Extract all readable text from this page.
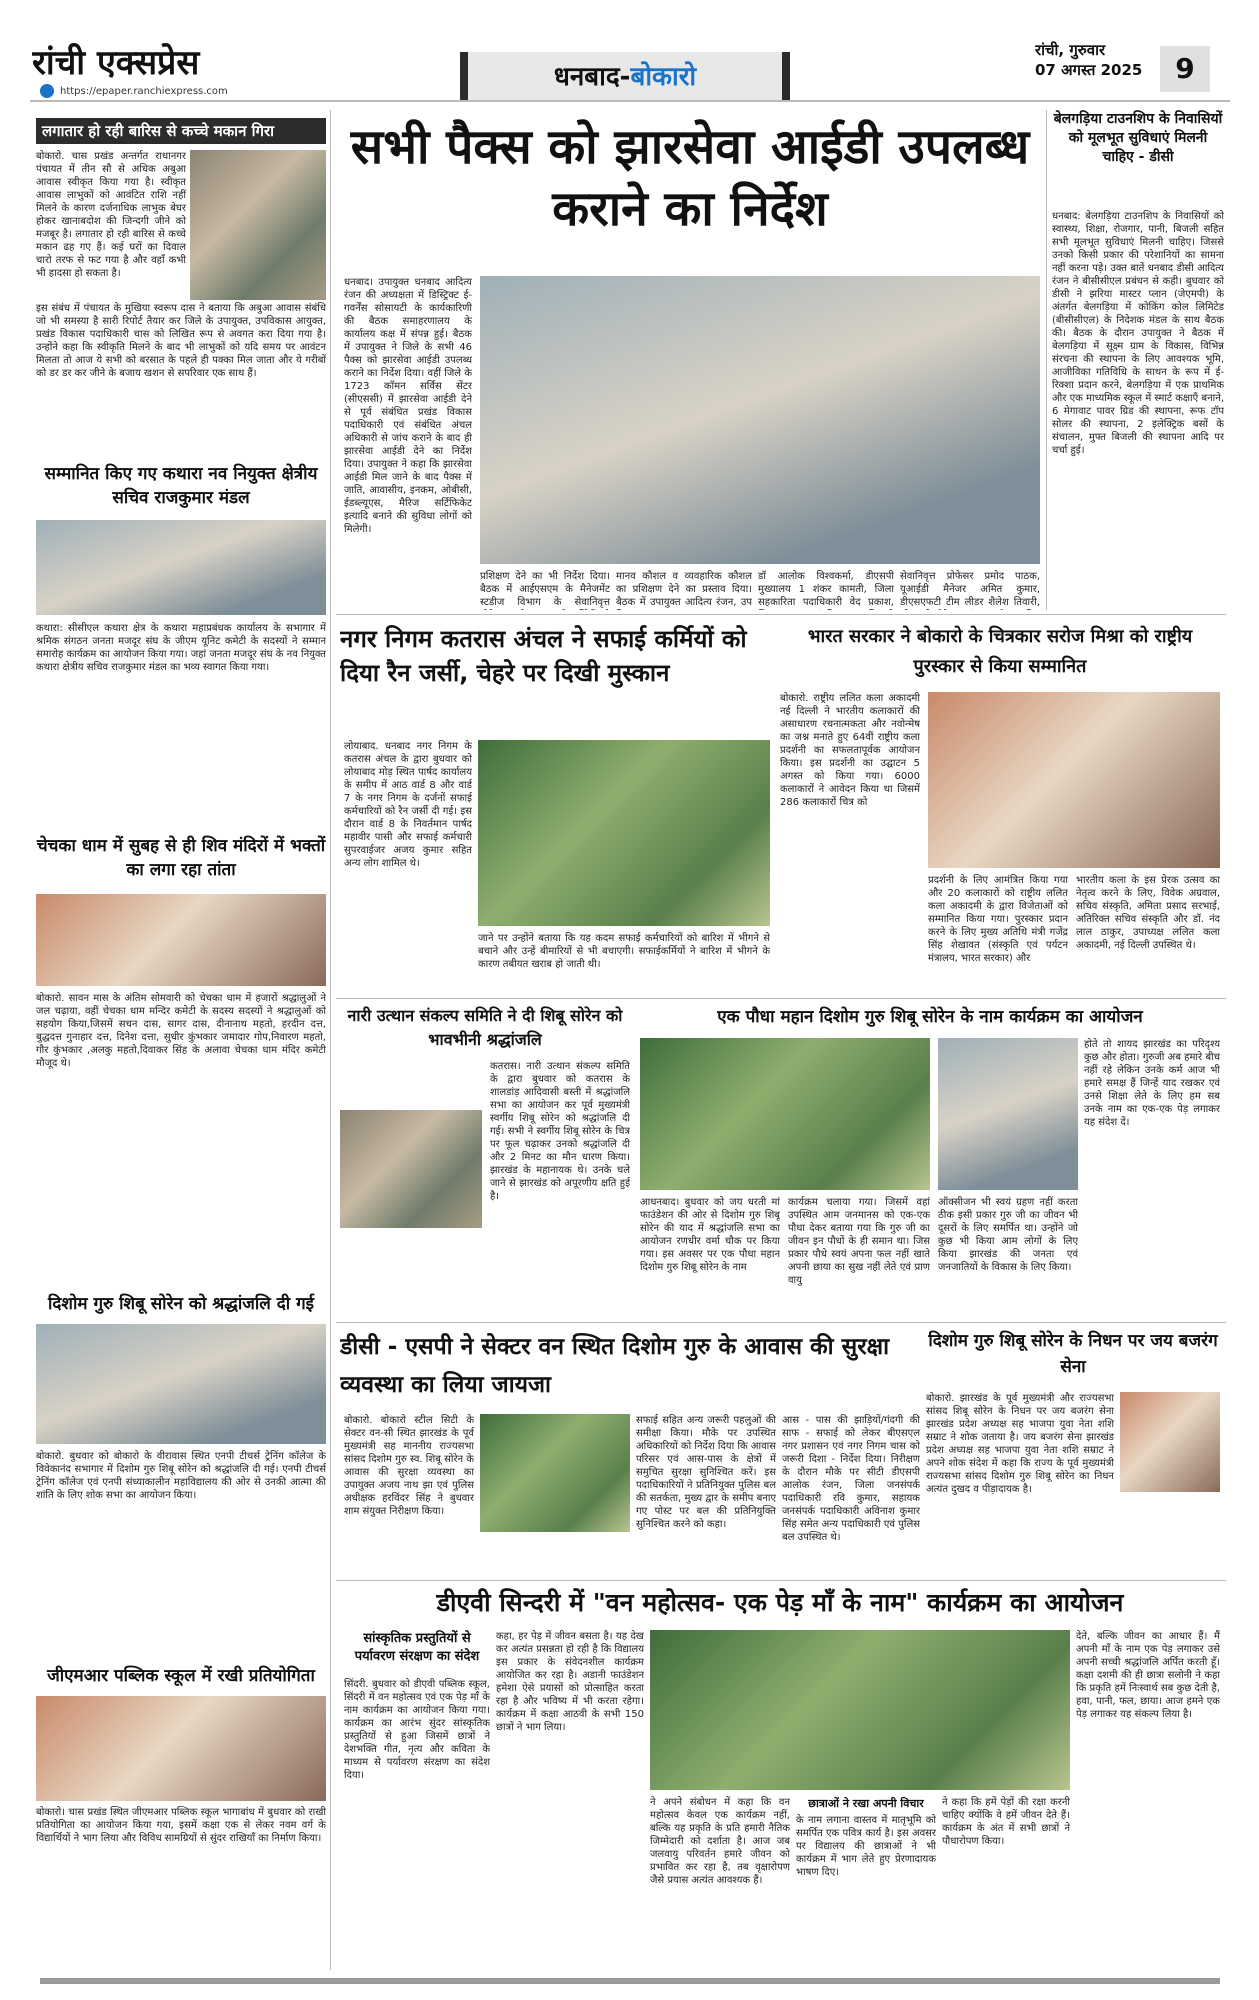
रांची एक्सप्रेस
https://epaper.ranchiexpress.com	धनबाद-बोकारो
रांची, गुरुवार
07 अगस्त 2025	9
लगातार हो रही बारिस से कच्चे मकान गिरा
बोकारो. चास प्रखंड अन्तर्गत राधानगर पंचायत में तीन सौ से अधिक अबुआ आवास स्वीकृत किया गया है। स्वीकृत आवास लाभुकों को आवंटित राशि नहीं मिलने के कारण दर्जनाधिक लाभुक बेघर होकर खानाबदोश की जिन्दगी जीने को मजबूर है। लगातार हो रही बारिस से कच्चे मकान ढह गए हैं। कई घरों का दिवाल चारो तरफ से फट गया है और वहाँ कभी भी हादसा हो सकता है।
इस संबंध में पंचायत के मुखिया स्वरूप दास ने बताया कि अबुआ आवास संबंधि जो भी समस्या है सारी रिपोर्ट तैयार कर जिले के उपायुक्त, उपविकास आयुक्त, प्रखंड विकास पदाधिकारी चास को लिखित रूप से अवगत करा दिया गया है। उन्होंने कहा कि स्वीकृति मिलने के बाद भी लाभुकों को यदि समय पर आवंटन मिलता तो आज ये सभी को बरसात के पहले ही पक्का मिल जाता और ये गरीबों को डर डर कर जीने के बजाय खशन से सपरिवार एक साथ हैं।
सम्मानित किए गए कथारा नव नियुक्त क्षेत्रीय सचिव राजकुमार मंडल
कथारा: सीसीएल कथारा क्षेत्र के कथारा महाप्रबंधक कार्यालय के सभागार में श्रमिक संगठन जनता मजदूर संघ के जीएम यूनिट कमेटी के सदस्यों ने सम्मान समारोह कार्यक्रम का आयोजन किया गया। जहां जनता मजदूर संघ के नव नियुक्त कथारा क्षेत्रीय सचिव राजकुमार मंडल का भव्य स्वागत किया गया।
चेचका धाम में सुबह से ही शिव मंदिरों में भक्तों का लगा रहा तांता
बोकारो. सावन मास के अंतिम सोमवारी को चेचका धाम में हजारों श्रद्धालुओं ने जल चढ़ाया, वहीं चेचका धाम मन्दिर कमेटी के सदस्य सदस्यों ने श्रद्धालुओं को सहयोग किया,जिसमें सचन दास, सागर दास, दीनानाथ महतो, हरदीन दत्त, बुद्धदत्त गुनाहार दत्त, दिनेश दत्ता, सुधीर कुंभकार जमादार गोप,निवारण महतो, गौर कुंभकार ,अलकु महतो,दिवाकर सिंह के अलावा चेचका धाम मंदिर कमेटी मौजूद थे।
दिशोम गुरु शिबू सोरेन को श्रद्धांजलि दी गई
बोकारो. बुधवार को बोकारो के वीरावास स्थित एनपी टीचर्स ट्रेनिंग कॉलेज के विवेकानंद सभागार में दिशोम गुरु शिबू सोरेन को श्रद्धांजलि दी गई। एनपी टीचर्स ट्रेनिंग कॉलेज एवं एनपी संध्याकालीन महाविद्यालय की ओर से उनकी आत्मा की शांति के लिए शोक सभा का आयोजन किया।
जीएमआर पब्लिक स्कूल में रखी प्रतियोगिता
बोकारो। चास प्रखंड स्थित जीएमआर पब्लिक स्कूल भागाबांध में बुधवार को राखी प्रतियोगिता का आयोजन किया गया, इसमें कक्षा एक से लेकर नवम वर्ग के विद्यार्थियों ने भाग लिया और विविध सामग्रियों से सुंदर राखियाँ का निर्माण किया।
सभी पैक्स को झारसेवा आईडी उपलब्ध कराने का निर्देश
धनबाद। उपायुक्त धनबाद आदित्य रंजन की अध्यक्षता में डिस्ट्रिक्ट ई-गवर्नेंस सोसायटी के कार्यकारिणी की बैठक समाहरणालय के कार्यालय कक्ष में संपन्न हुई। बैठक में उपायुक्त ने जिले के सभी 46 पैक्स को झारसेवा आईडी उपलब्ध कराने का निर्देश दिया। वहीं जिले के 1723 कॉमन सर्विस सेंटर (सीएससी) में झारसेवा आईडी देने से पूर्व संबंधित प्रखंड विकास पदाधिकारी एवं संबंधित अंचल अधिकारी से जांच कराने के बाद ही झारसेवा आईडी देने का निर्देश दिया। उपायुक्त ने कहा कि झारसेवा आईडी मिल जाने के बाद पैक्स में जाति, आवासीय, इनकम, ओबीसी, ईडब्ल्यूएस, मैरिज सर्टिफिकेट इत्यादि बनाने की सुविधा लोगों को मिलेगी।
प्रशिक्षण देने का भी निर्देश दिया। बैठक में आईएसएम के मैनेजमेंट स्टडीज विभाग के सेवानिवृत्त
मानव कौशल व व्यवहारिक कौशल का प्रशिक्षण देने का प्रस्ताव दिया। बैठक में उपायुक्त आदित्य रंजन, उप
डॉ आलोक विश्वकर्मा, डीएसपी मुख्यालय 1 शंकर कामती, जिला सहकारिता पदाधिकारी वेद प्रकाश,
सेवानिवृत्त प्रोफेसर प्रमोद पाठक, यूआईडी मैनेजर अमित कुमार, डीएसएफटी टीम लीडर शैलेश तिवारी,
बेलगड़िया टाउनशिप के निवासियों को मूलभूत सुविधाएं मिलनी चाहिए - डीसी
धनबाद: बेलगड़िया टाउनशिप के निवासियों को स्वास्थ्य, शिक्षा, रोजगार, पानी, बिजली सहित सभी मूलभूत सुविधाएं मिलनी चाहिए। जिससे उनको किसी प्रकार की परेशानियों का सामना नहीं करना पड़े। उक्त बातें धनबाद डीसी आदित्य रंजन ने बीसीसीएल प्रबंधन से कही। बुधवार को डीसी ने झरिया मास्टर प्लान (जेएमपी) के अंतर्गत बेलगड़िया में कोकिंग कोल लिमिटेड (बीसीसीएल) के निदेशक मंडल के साथ बैठक की। बैठक के दौरान उपायुक्त ने बैठक में बेलगड़िया में सूक्ष्म ग्राम के विकास, विभिन्न संरचना की स्थापना के लिए आवश्यक भूमि, आजीविका गतिविधि के साथन के रूप में ई-रिक्शा प्रदान करने, बेलगड़िया में एक प्राथमिक और एक माध्यमिक स्कूल में स्मार्ट कक्षाएँ बनाने, 6 मेगावाट पावर ग्रिड की स्थापना, रूफ टॉप सोलर की स्थापना, 2 इलेक्ट्रिक बसों के संचालन, मुफ्त बिजली की स्थापना आदि पर चर्चा हुई।
नगर निगम कतरास अंचल ने सफाई कर्मियों को दिया रैन जर्सी, चेहरे पर दिखी मुस्कान
लोयाबाद. धनबाद नगर निगम के कतरास अंचल के द्वारा बुधवार को लोयाबाद मोड़ स्थित पार्षद कार्यालय के समीप में आठ वार्ड 8 और वार्ड 7 के नगर निगम के दर्जनों सफाई कर्मचारियों को रैन जर्सी दी गई। इस दौरान वार्ड 8 के निवर्तमान पार्षद महावीर पासी और सफाई कर्मचारी सुपरवाईजर अजय कुमार सहित अन्य लोग शामिल थे।
जाने पर उन्होंने बताया कि यह कदम सफाई कर्मचारियों को बारिश में भीगने से बचाने और उन्हें बीमारियों से भी बचाएगी। सफाईकर्मियों ने बारिश में भीगने के कारण तबीयत खराब हो जाती थी।
भारत सरकार ने बोकारो के चित्रकार सरोज मिश्रा को राष्ट्रीय पुरस्कार से किया सम्मानित
बोकारो. राष्ट्रीय ललित कला अकादमी नई दिल्ली ने भारतीय कलाकारों की असाधारण रचनात्मकता और नवोन्मेष का जश्न मनाते हुए 64वीं राष्ट्रीय कला प्रदर्शनी का सफलतापूर्वक आयोजन किया। इस प्रदर्शनी का उद्घाटन 5 अगस्त को किया गया। 6000 कलाकारों ने आवेदन किया था जिसमें 286 कलाकारों चित्र को
प्रदर्शनी के लिए आमंत्रित किया गया और 20 कलाकारों को राष्ट्रीय ललित कला अकादमी के द्वारा विजेताओं को सम्मानित किया गया। पुरस्कार प्रदान करने के लिए मुख्य अतिथि मंत्री गजेंद्र सिंह शेखावत (संस्कृति एवं पर्यटन मंत्रालय, भारत सरकार) और
भारतीय कला के इस प्रेरक उत्सव का नेतृत्व करने के लिए, विवेक अग्रवाल, सचिव संस्कृति, अमिता प्रसाद सरभाई, अतिरिक्त सचिव संस्कृति और डॉ. नंद लाल ठाकुर, उपाध्यक्ष ललित कला अकादमी, नई दिल्ली उपस्थित थे।
नारी उत्थान संकल्प समिति ने दी शिबू सोरेन को भावभीनी श्रद्धांजलि
कतरास। नारी उत्थान संकल्प समिति के द्वारा बुधवार को कतरास के शालडांड़ आदिवासी बस्ती में श्रद्धांजलि सभा का आयोजन कर पूर्व मुख्यमंत्री स्वर्गीय शिबू सोरेन को श्रद्धांजलि दी गई। सभी ने स्वर्गीय शिबू सोरेन के चित्र पर फूल चढ़ाकर उनको श्रद्धांजलि दी और 2 मिनट का मौन धारण किया। झारखंड के महानायक थे। उनके चले जाने से झारखंड को अपूरणीय क्षति हुई है।
एक पौधा महान दिशोम गुरु शिबू सोरेन के नाम कार्यक्रम का आयोजन
आधनबाद। बुधवार को जय धरती मां फाउंडेशन की ओर से दिशोम गुरु शिबू सोरेन की याद में श्रद्धांजलि सभा का आयोजन रणधीर वर्मा चौक पर किया गया। इस अवसर पर एक पौधा महान दिशोम गुरु शिबू सोरेन के नाम
कार्यक्रम चलाया गया। जिसमें वहां उपस्थित आम जनमानस को एक-एक पौधा देकर बताया गया कि गुरु जी का जीवन इन पौधों के ही समान था। जिस प्रकार पौधे स्वयं अपना फल नहीं खाते अपनी छाया का सुख नहीं लेते एवं प्राण वायु
ऑक्सीजन भी स्वयं ग्रहण नहीं करता ठीक इसी प्रकार गुरु जी का जीवन भी दूसरों के लिए समर्पित था। उन्होंने जो कुछ भी किया आम लोगों के लिए किया झारखंड की जनता एवं जनजातियों के विकास के लिए किया।
होते तो शायद झारखंड का परिदृश्य कुछ और होता। गुरुजी अब हमारे बीच नहीं रहे लेकिन उनके कर्म आज भी हमारे समक्ष हैं जिन्हें याद रखकर एवं उनसे शिक्षा लेते के लिए हम सब उनके नाम का एक-एक पेड़ लगाकर यह संदेश दें।
डीसी - एसपी ने सेक्टर वन स्थित दिशोम गुरु के आवास की सुरक्षा व्यवस्था का लिया जायजा
बोकारो. बोकारो स्टील सिटी के सेक्टर वन-सी स्थित झारखंड के पूर्व मुख्यमंत्री सह माननीय राज्यसभा सांसद दिशोम गुरु स्व. शिबू सोरेन के आवास की सुरक्षा व्यवस्था का उपायुक्त अजय नाथ झा एवं पुलिस अधीक्षक हरविंदर सिंह ने बुधवार शाम संयुक्त निरीक्षण किया।
सफाई सहित अन्य जरूरी पहलुओं की समीक्षा किया। मौके पर उपस्थित अधिकारियों को निर्देश दिया कि आवास परिसर एवं आस-पास के क्षेत्रों में समुचित सुरक्षा सुनिश्चित करें। इस पदाधिकारियों ने प्रतिनियुक्त पुलिस बल की सतर्कता, मुख्य द्वार के समीप बनाए गए पोस्ट पर बल की प्रतिनियुक्ति सुनिश्चित करने को कहा।
आस - पास की झाड़ियों/गंदगी की साफ - सफाई को लेकर बीएसएल नगर प्रशासन एवं नगर निगम चास को जरूरी दिशा - निर्देश दिया। निरीक्षण के दौरान मौके पर सीटी डीएसपी आलोक रंजन, जिला जनसंपर्क पदाधिकारी रवि कुमार, सहायक जनसंपर्क पदाधिकारी अविनाश कुमार सिंह समेत अन्य पदाधिकारी एवं पुलिस बल उपस्थित थे।
दिशोम गुरु शिबू सोरेन के निधन पर जय बजरंग सेना
बोकारो. झारखंड के पूर्व मुख्यमंत्री और राज्यसभा सांसद शिबू सोरेन के निधन पर जय बजरंग सेना झारखंड प्रदेश अध्यक्ष सह भाजपा युवा नेता शशि सम्राट ने शोक जताया है। जय बजरंग सेना झारखंड प्रदेश अध्यक्ष सह भाजपा युवा नेता शशि सम्राट ने अपने शोक संदेश में कहा कि राज्य के पूर्व मुख्यमंत्री राज्यसभा सांसद दिशोम गुरु शिबू सोरेन का निधन अत्यंत दुखद व पीड़ादायक है।
डीएवी सिन्दरी में "वन महोत्सव- एक पेड़ माँ के नाम" कार्यक्रम का आयोजन
सांस्कृतिक प्रस्तुतियों से पर्यावरण संरक्षण का संदेश
सिंदरी. बुधवार को डीएवी पब्लिक स्कूल, सिंदरी में वन महोत्सव एवं एक पेड़ माँ के नाम कार्यक्रम का आयोजन किया गया। कार्यक्रम का आरंभ सुंदर सांस्कृतिक प्रस्तुतियों से हुआ जिसमें छात्रों ने देशभक्ति गीत, नृत्य और कविता के माध्यम से पर्यावरण संरक्षण का संदेश दिया।
कहा, हर पेड़ में जीवन बसता है। यह देख कर अत्यंत प्रसन्नता हो रही है कि विद्यालय इस प्रकार के संवेदनशील कार्यक्रम आयोजित कर रहा है। अडानी फाउंडेशन हमेशा ऐसे प्रयासों को प्रोत्साहित करता रहा है और भविष्य में भी करता रहेगा। कार्यक्रम में कक्षा आठवी के सभी 150 छात्रों ने भाग लिया।
ने अपने संबोधन में कहा कि वन महोत्सव केवल एक कार्यक्रम नहीं, बल्कि यह प्रकृति के प्रति हमारी नैतिक जिम्मेदारी को दर्शाता है। आज जब जलवायु परिवर्तन हमारे जीवन को प्रभावित कर रहा है, तब वृक्षारोपण जैसे प्रयास अत्यंत आवश्यक हैं।
छात्राओं ने रखा अपनी विचार
के नाम लगाना वास्तव में मातृभूमि को समर्पित एक पवित्र कार्य है। इस अवसर पर विद्यालय की छात्राओं ने भी कार्यक्रम में भाग लेते हुए प्रेरणादायक भाषण दिए।
देते, बल्कि जीवन का आधार हैं। मैं अपनी माँ के नाम एक पेड़ लगाकर उसे अपनी सच्ची श्रद्धांजलि अर्पित करती हूँ। कक्षा दशमी की ही छात्रा सलोनी ने कहा कि प्रकृति हमें निःस्वार्थ सब कुछ देती है, हवा, पानी, फल, छाया। आज हमने एक पेड़ लगाकर यह संकल्प लिया है।
ने कहा कि हमें पेड़ों की रक्षा करनी चाहिए क्योंकि वे हमें जीवन देते हैं। कार्यक्रम के अंत में सभी छात्रों ने पौधारोपण किया।
